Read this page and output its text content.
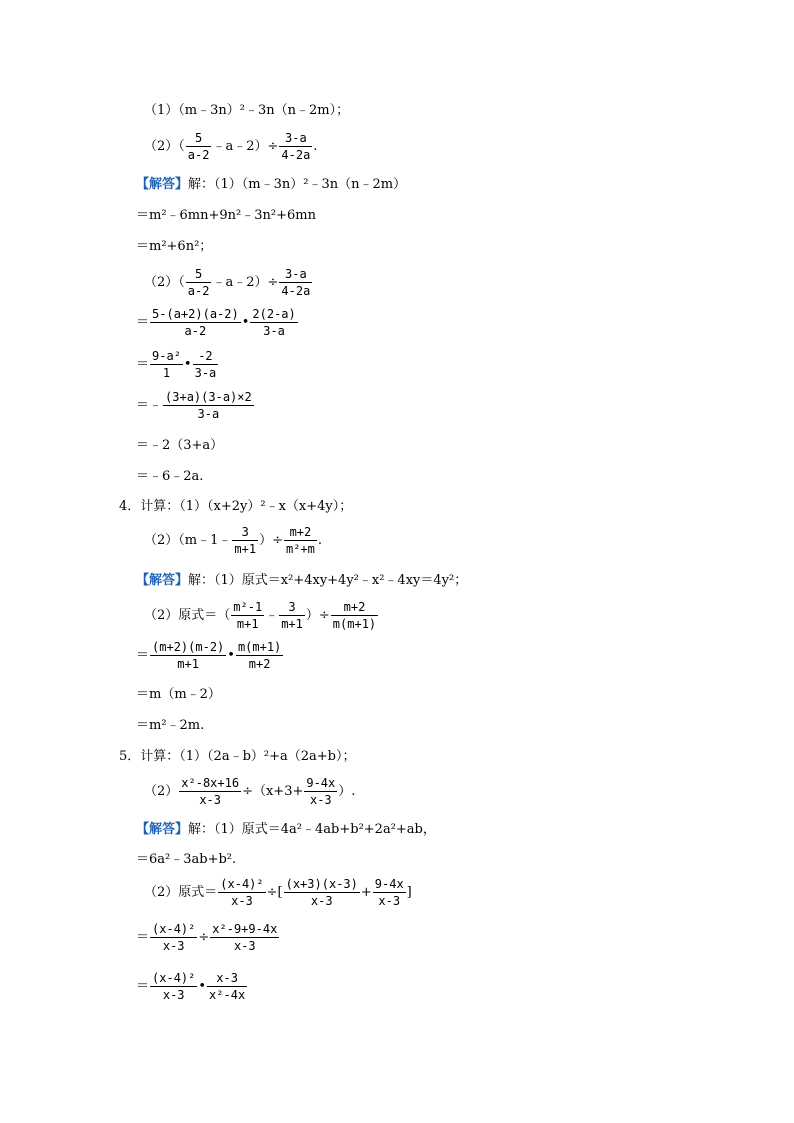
（1）（m﹣3n）²﹣3n（n﹣2m）；
（2）（
5
a-2
﹣a﹣2）÷ $\frac{3-a}{4-2a}$ .
【解答】 解：（1）（m﹣3n）²﹣3n（n﹣2m）
＝m²﹣6mn+9n²﹣3n²+6mn
＝m²+6n²；
（2）（
5
a-2
﹣a﹣2）÷ $\frac{3-a}{4-2a}$
＝
5-(a+2)(a-2)
a-2
•
2(2-a)
3-a
＝
9-a²
1
•
-2
3-a
＝﹣
(3+a)(3-a)×2
3-a
＝﹣2（3+a）
＝﹣6﹣2a.
4．计算：（1）（x+2y）²﹣x（x+4y）；
（2）（m﹣1﹣
3
m+1
）÷ $\frac{m+2}{\text{m²+m}}$ .
【解答】 解：（1）原式＝x²+4xy+4y²﹣x²﹣4xy＝4y²；
（2）原式＝（
m²-1
m+1
﹣
3
m+1
）÷ $\frac{m+2}{m(m+1)}$
＝
(m+2)(m-2)
m+1
•
m(m+1)
m+2
＝m（m﹣2）
＝m²﹣2m.
5．计算：（1）（2a﹣b）²+a（2a+b）；
$(2) \frac{\text{x²-8x+16}}{x-3} \div(x+3+ \frac{9-4x}{x-3}$ ）.
【解答】 解：（1）原式＝4a²﹣4ab+b²+2a²+ab，
＝6a²﹣3ab+b².
（2）原式＝ $\frac{\text{(x-4)²}}{x-3}$ ÷[
(x+3)(x-3)
x-3
+ $\frac{9-4x}{x-3}$ ]
＝ $\frac{\text{(x-4)²}}{x-3} \div \frac{\text{x²-9+9-4x}}{x-3}$
＝
(x-4)²
x-3
•
x-3
x²-4x
